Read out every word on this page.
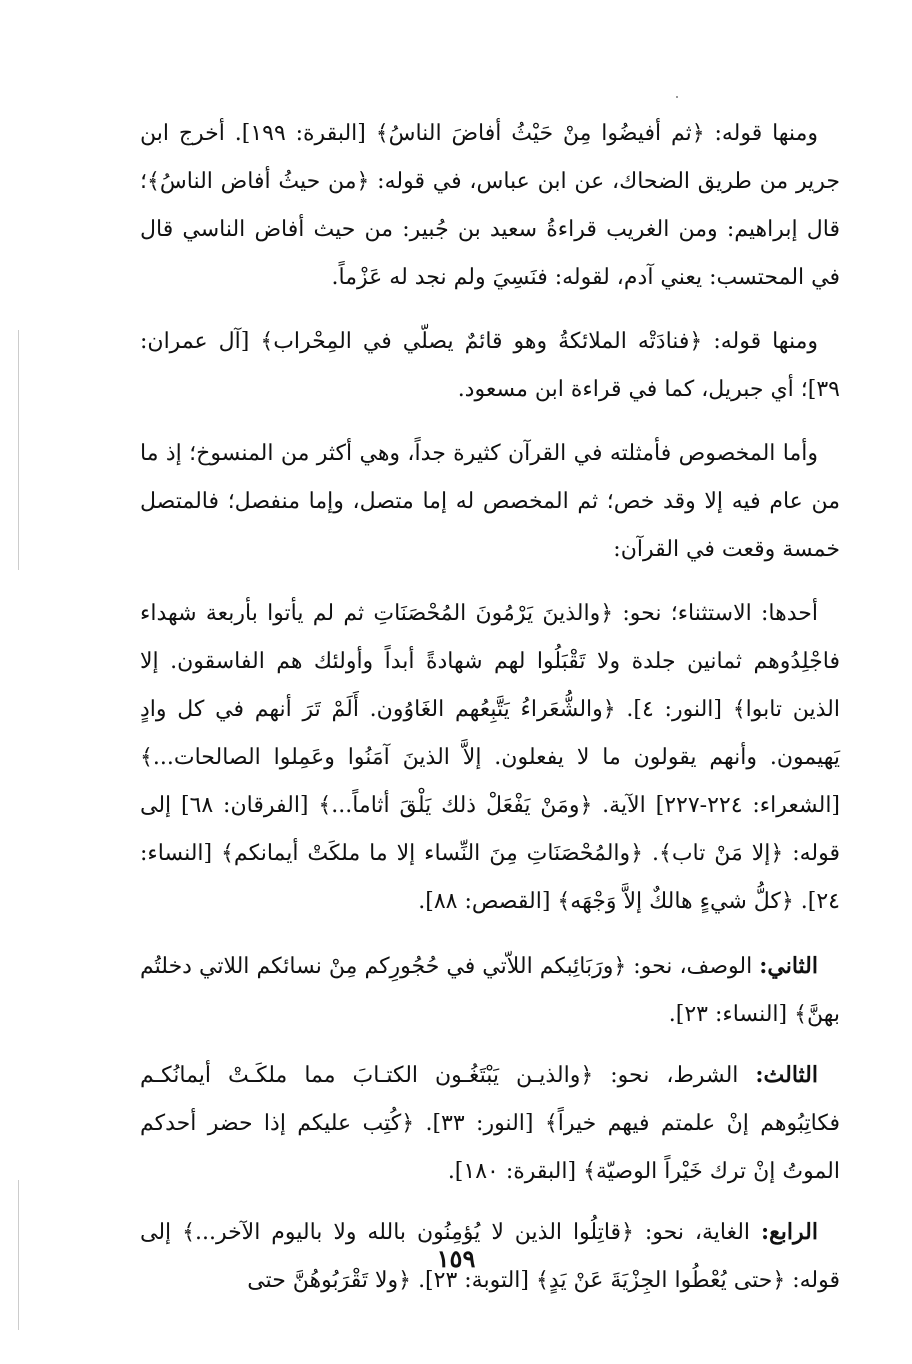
ومنها قوله: ﴿ثم أفيضُوا مِنْ حَيْثُ أفاضَ الناسُ﴾ [البقرة: ١٩٩]. أخرج ابن جرير من طريق الضحاك، عن ابن عباس، في قوله: ﴿من حيثُ أفاض الناسُ﴾؛ قال إبراهيم: ومن الغريب قراءةُ سعيد بن جُبير: من حيث أفاض الناسي قال في المحتسب: يعني آدم، لقوله: فنَسِيَ ولم نجد له عَزْماً.

ومنها قوله: ﴿فنادَتْه الملائكةُ وهو قائمٌ يصلّي في المِحْراب﴾ [آل عمران: ٣٩]؛ أي جبريل، كما في قراءة ابن مسعود.

وأما المخصوص فأمثلته في القرآن كثيرة جداً، وهي أكثر من المنسوخ؛ إذ ما من عام فيه إلا وقد خص؛ ثم المخصص له إما متصل، وإما منفصل؛ فالمتصل خمسة وقعت في القرآن:

أحدها: الاستثناء؛ نحو: ﴿والذينَ يَرْمُونَ المُحْصَنَاتِ ثم لم يأتوا بأربعة شهداء فاجْلِدُوهم ثمانين جلدة ولا تَقْبَلُوا لهم شهادةً أبداً وأولئك هم الفاسقون. إلا الذين تابوا﴾ [النور: ٤]. ﴿والشُّعَراءُ يَتَّبِعُهم الغَاوُون. أَلَمْ تَرَ أنهم في كل وادٍ يَهيمون. وأنهم يقولون ما لا يفعلون. إلاَّ الذينَ آمَنُوا وعَمِلوا الصالحات...﴾ [الشعراء: ٢٢٤-٢٢٧] الآية. ﴿ومَنْ يَفْعَلْ ذلك يَلْقَ أثاماً...﴾ [الفرقان: ٦٨] إلى قوله: ﴿إلا مَنْ تاب﴾. ﴿والمُحْصَنَاتِ مِنَ النِّساء إلا ما ملكَتْ أيمانكم﴾ [النساء: ٢٤]. ﴿كلُّ شيءٍ هالكٌ إلاَّ وَجْهَه﴾ [القصص: ٨٨].

الثاني: الوصف، نحو: ﴿ورَبَائِبكم اللاّتي في حُجُورِكم مِنْ نسائكم اللاتي دخلتُم بهنَّ﴾ [النساء: ٢٣].

الثالث: الشرط، نحو: ﴿والذيـن يَبْتَغُـون الكتـابَ مما ملكَـتْ أيمانُكـم فكاتِبُوهم إنْ علمتم فيهم خيراً﴾ [النور: ٣٣]. ﴿كُتِب عليكم إذا حضر أحدكم الموتُ إنْ ترك خَيْراً الوصيّة﴾ [البقرة: ١٨٠].

الرابع: الغاية، نحو: ﴿قاتِلُوا الذين لا يُؤمِنُون بالله ولا باليوم الآخر...﴾ إلى قوله: ﴿حتى يُعْطُوا الجِزْيَةَ عَنْ يَدٍ﴾ [التوبة: ٢٣]. ﴿ولا تَقْرَبُوهُنَّ حتى

١٥٩
